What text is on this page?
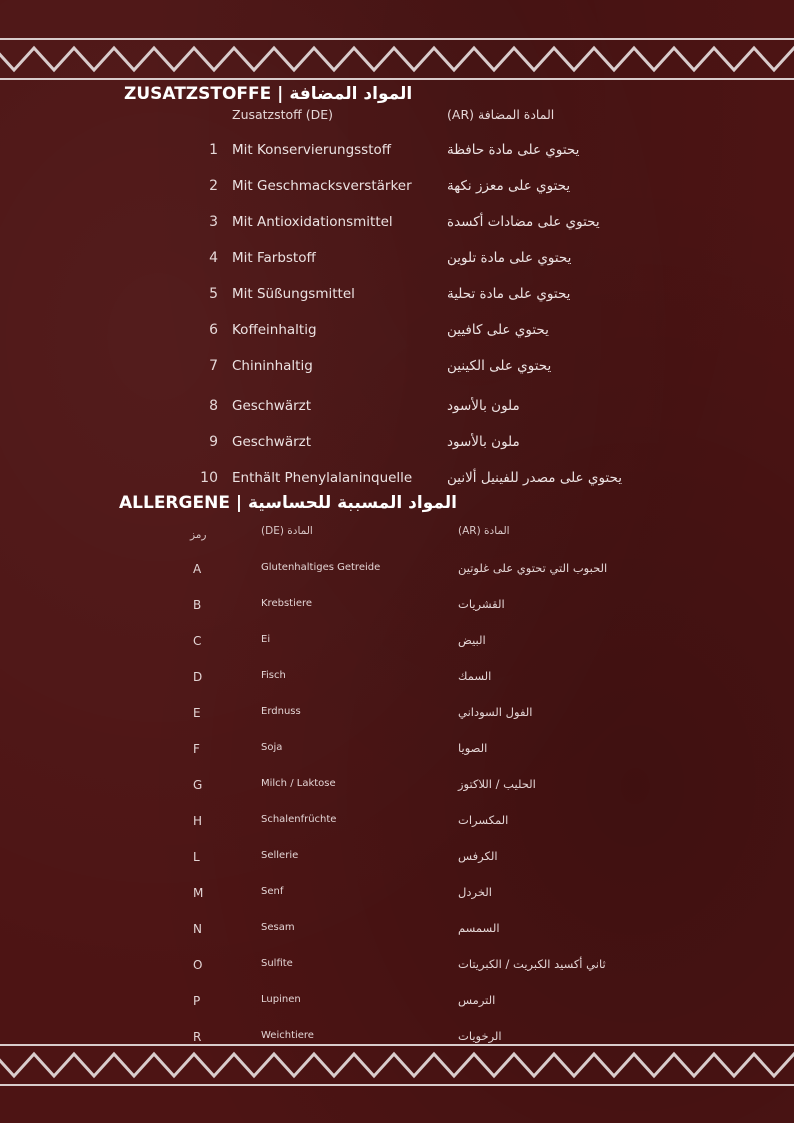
ZUSATZSTOFFE | المواد المضافة
Zusatzstoff (DE)	المادة المضافة (AR)
1 Mit Konservierungsstoff	يحتوي على مادة حافظة
2 Mit Geschmacksverstärker	يحتوي على معزز نكهة
3 Mit Antioxidationsmittel	يحتوي على مضادات أكسدة
4 Mit Farbstoff	يحتوي على مادة تلوين
5 Mit Süßungsmittel	يحتوي على مادة تحلية
6 Koffeinhaltig	يحتوي على كافيين
7 Chininhaltig	يحتوي على الكينين
8 Geschwärzt	ملون بالأسود
9 Geschwärzt	ملون بالأسود
10 Enthält Phenylalaninquelle	يحتوي على مصدر للفينيل ألانين
ALLERGENE | المواد المسببة للحساسية
رمز	المادة (DE)	المادة (AR)
A	Glutenhaltiges Getreide	الحبوب التي تحتوي على غلوتين
B	Krebstiere	القشريات
C	Ei	البيض
D	Fisch	السمك
E	Erdnuss	الفول السوداني
F	Soja	الصويا
G	Milch / Laktose	الحليب / اللاكتوز
H	Schalenfrüchte	المكسرات
L	Sellerie	الكرفس
M	Senf	الخردل
N	Sesam	السمسم
O	Sulfite	ثاني أكسيد الكبريت / الكبريتات
P	Lupinen	الترمس
R	Weichtiere	الرخويات
